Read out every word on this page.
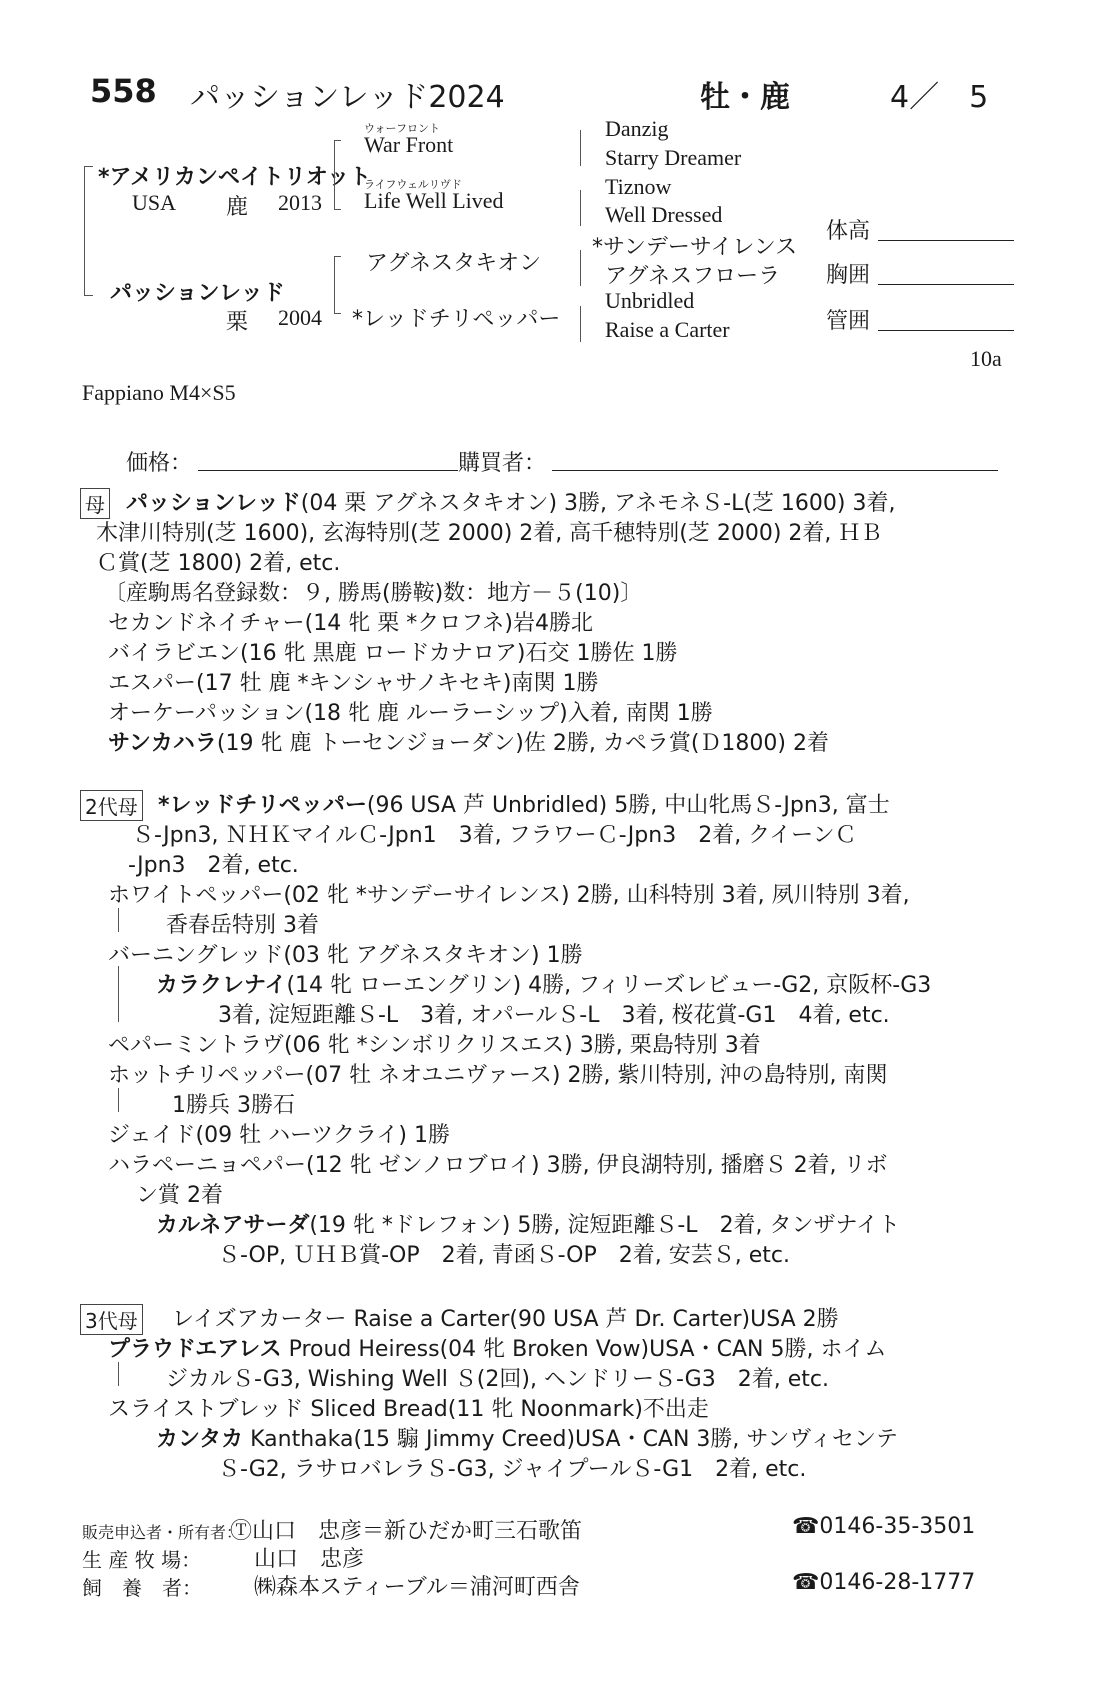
558 パッションレッド2024	牡・鹿	4／　5
*アメリカンペイトリオット
USA 鹿 2013
パッションレッド
栗 2004
ウォーフロント
War Front
ライフウェルリヴド
Life Well Lived
アグネスタキオン
*レッドチリペッパー
Danzig
Starry Dreamer
Tiznow
Well Dressed
*サンデーサイレンス
アグネスフローラ
Unbridled
Raise a Carter
体高
胸囲
管囲
10a
Fappiano M4×S5
価格：	購買者：
母 パッションレッド(04 栗 アグネスタキオン) 3勝, アネモネＳ-L(芝 1600) 3着,
木津川特別(芝 1600), 玄海特別(芝 2000) 2着, 高千穂特別(芝 2000) 2着, ＨＢ
Ｃ賞(芝 1800) 2着, etc.
〔産駒馬名登録数：９, 勝馬(勝鞍)数：地方－５(10)〕
セカンドネイチャー(14 牝 栗 *クロフネ)岩4勝北
バイラビエン(16 牝 黒鹿 ロードカナロア)石交 1勝佐 1勝
エスパー(17 牡 鹿 *キンシャサノキセキ)南関 1勝
オーケーパッション(18 牝 鹿 ルーラーシップ)入着, 南関 1勝
サンカハラ(19 牝 鹿 トーセンジョーダン)佐 2勝, カペラ賞(Ｄ1800) 2着
2代母 *レッドチリペッパー(96 USA 芦 Unbridled) 5勝, 中山牝馬Ｓ-Jpn3, 富士
Ｓ-Jpn3, ＮＨＫマイルＣ-Jpn1　3着, フラワーＣ-Jpn3　2着, クイーンＣ
-Jpn3　2着, etc.
ホワイトペッパー(02 牝 *サンデーサイレンス) 2勝, 山科特別 3着, 夙川特別 3着,
香春岳特別 3着
バーニングレッド(03 牝 アグネスタキオン) 1勝
カラクレナイ(14 牝 ローエングリン) 4勝, フィリーズレビュー-G2, 京阪杯-G3
3着, 淀短距離Ｓ-L　3着, オパールＳ-L　3着, 桜花賞-G1　4着, etc.
ペパーミントラヴ(06 牝 *シンボリクリスエス) 3勝, 栗島特別 3着
ホットチリペッパー(07 牡 ネオユニヴァース) 2勝, 紫川特別, 沖の島特別, 南関
1勝兵 3勝石
ジェイド(09 牡 ハーツクライ) 1勝
ハラペーニョペパー(12 牝 ゼンノロブロイ) 3勝, 伊良湖特別, 播磨Ｓ 2着, リボ
ン賞 2着
カルネアサーダ(19 牝 *ドレフォン) 5勝, 淀短距離Ｓ-L　2着, タンザナイト
Ｓ-OP, ＵＨＢ賞-OP　2着, 青函Ｓ-OP　2着, 安芸Ｓ, etc.
3代母 レイズアカーター Raise a Carter(90 USA 芦 Dr. Carter)USA 2勝
プラウドエアレス Proud Heiress(04 牝 Broken Vow)USA・CAN 5勝, ホイム
ジカルＳ-G3, Wishing Well Ｓ(2回), ヘンドリーＳ-G3　2着, etc.
スライストブレッド Sliced Bread(11 牝 Noonmark)不出走
カンタカ Kanthaka(15 騸 Jimmy Creed)USA・CAN 3勝, サンヴィセンテ
Ｓ-G2, ラサロバレラＳ-G3, ジャイプールＳ-G1　2着, etc.
販売申込者・所有者：
Ⓣ山口　忠彦＝新ひだか町三石歌笛	☎0146-35-3501
生 産 牧 場： 山口　忠彦
飼　養　者： ㈱森本スティーブル＝浦河町西舎	☎0146-28-1777
